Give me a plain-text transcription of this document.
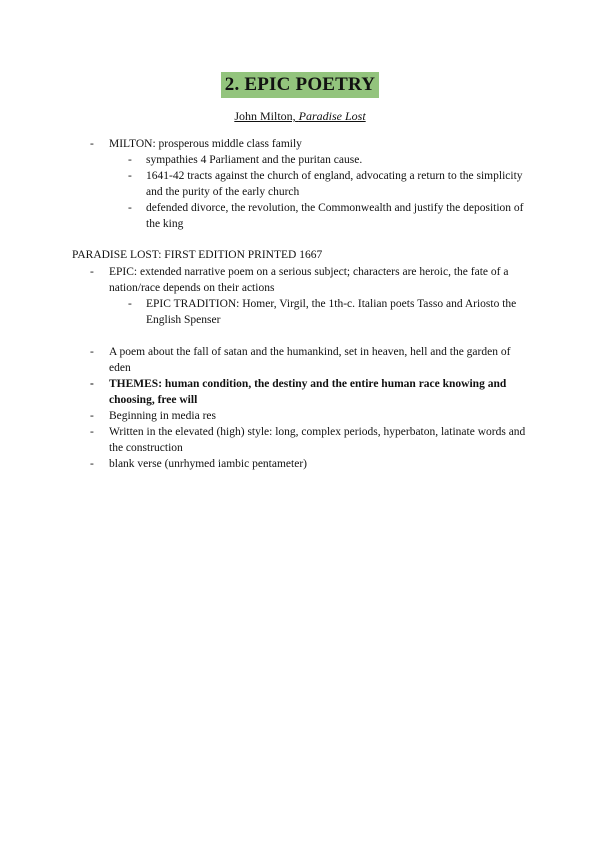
2. EPIC POETRY
John Milton, Paradise Lost
- MILTON: prosperous middle class family
- sympathies 4 Parliament and the puritan cause.
- 1641-42 tracts against the church of england, advocating a return to the simplicity and the purity of the early church
- defended divorce, the revolution, the Commonwealth and justify the deposition of the king
PARADISE LOST: FIRST EDITION PRINTED 1667
- EPIC: extended narrative poem on a serious subject; characters are heroic, the fate of a nation/race depends on their actions
- EPIC TRADITION: Homer, Virgil, the 1th-c. Italian poets Tasso and Ariosto the English Spenser
- A poem about the fall of satan and the humankind, set in heaven, hell and the garden of eden
- THEMES: human condition, the destiny and the entire human race knowing and choosing, free will
- Beginning in media res
- Written in the elevated (high) style: long, complex periods, hyperbaton, latinate words and the construction
- blank verse (unrhymed iambic pentameter)
